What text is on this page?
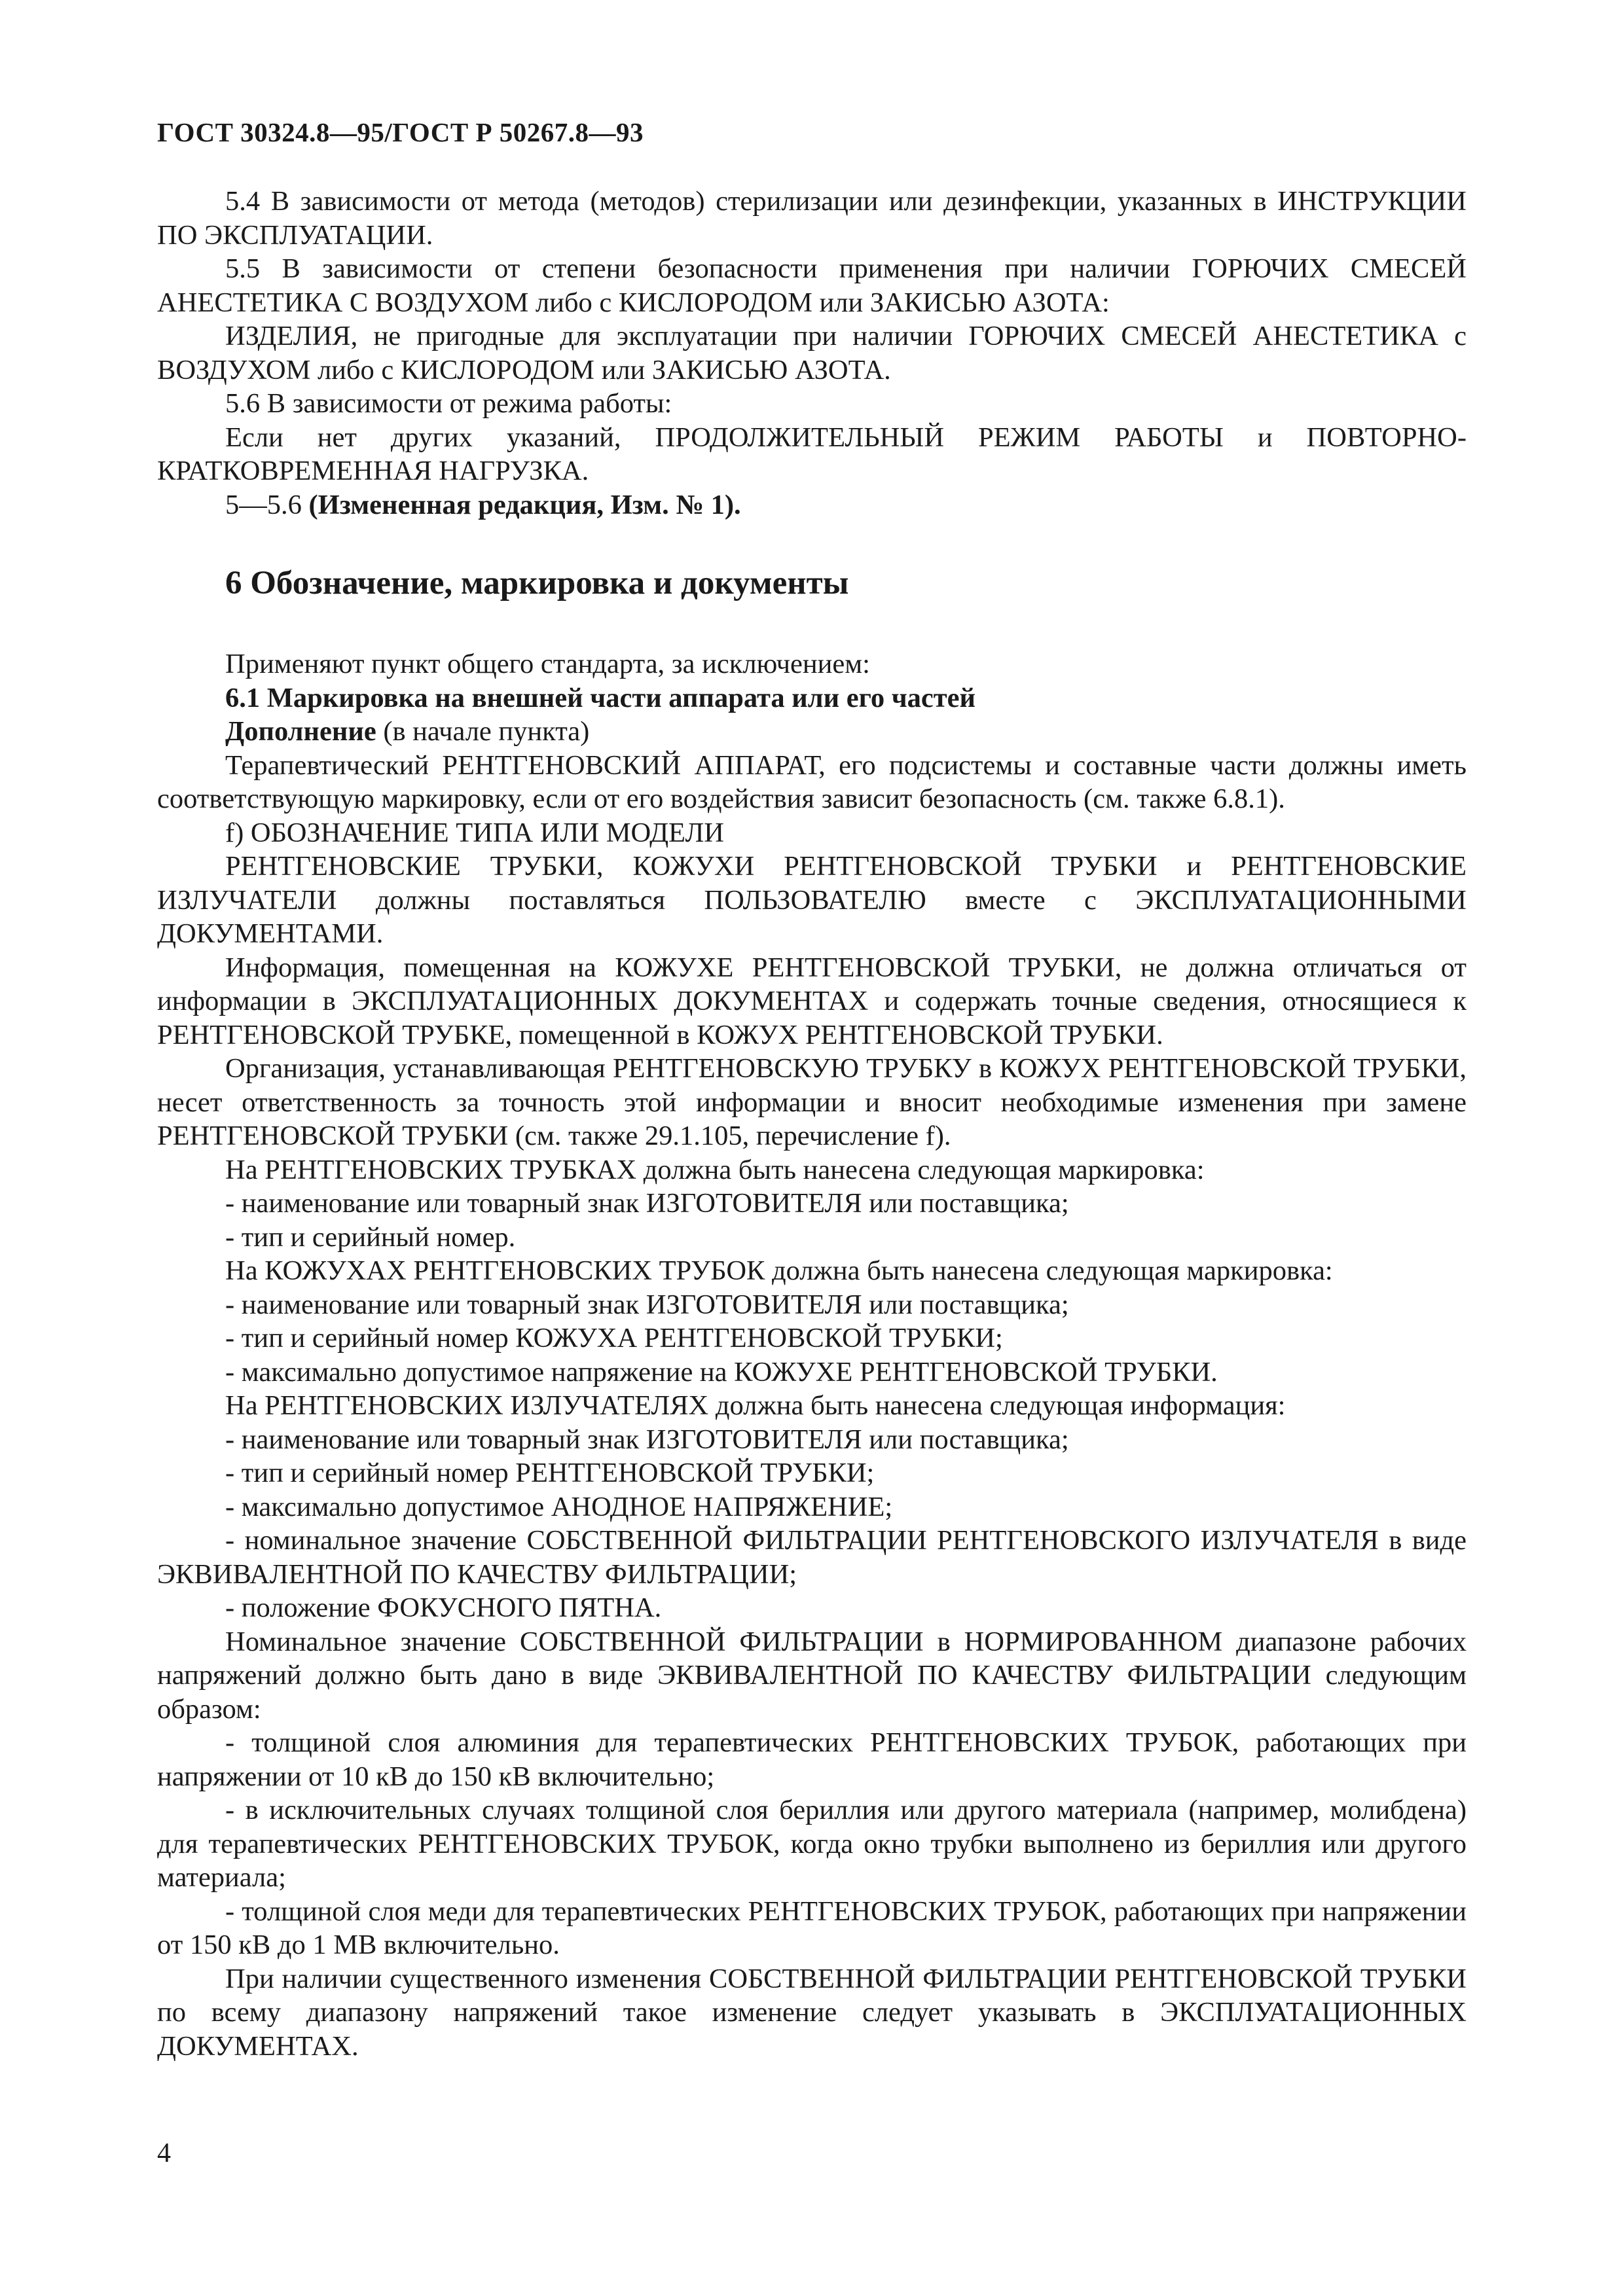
ГОСТ 30324.8—95/ГОСТ Р 50267.8—93

5.4 В зависимости от метода (методов) стерилизации или дезинфекции, указанных в ИНСТРУКЦИИ ПО ЭКСПЛУАТАЦИИ.

5.5 В зависимости от степени безопасности применения при наличии ГОРЮЧИХ СМЕСЕЙ АНЕСТЕТИКА С ВОЗДУХОМ либо с КИСЛОРОДОМ или ЗАКИСЬЮ АЗОТА:

ИЗДЕЛИЯ, не пригодные для эксплуатации при наличии ГОРЮЧИХ СМЕСЕЙ АНЕСТЕТИКА с ВОЗДУХОМ либо с КИСЛОРОДОМ или ЗАКИСЬЮ АЗОТА.

5.6 В зависимости от режима работы:

Если нет других указаний, ПРОДОЛЖИТЕЛЬНЫЙ РЕЖИМ РАБОТЫ и ПОВТОРНО-КРАТКОВРЕМЕННАЯ НАГРУЗКА.

5—5.6 (Измененная редакция, Изм. № 1).

6 Обозначение, маркировка и документы

Применяют пункт общего стандарта, за исключением:

6.1 Маркировка на внешней части аппарата или его частей

Дополнение (в начале пункта)

Терапевтический РЕНТГЕНОВСКИЙ АППАРАТ, его подсистемы и составные части должны иметь соответствующую маркировку, если от его воздействия зависит безопасность (см. также 6.8.1).

f) ОБОЗНАЧЕНИЕ ТИПА ИЛИ МОДЕЛИ

РЕНТГЕНОВСКИЕ ТРУБКИ, КОЖУХИ РЕНТГЕНОВСКОЙ ТРУБКИ и РЕНТГЕНОВСКИЕ ИЗЛУЧАТЕЛИ должны поставляться ПОЛЬЗОВАТЕЛЮ вместе с ЭКСПЛУАТАЦИОННЫМИ ДОКУМЕНТАМИ.

Информация, помещенная на КОЖУХЕ РЕНТГЕНОВСКОЙ ТРУБКИ, не должна отличаться от информации в ЭКСПЛУАТАЦИОННЫХ ДОКУМЕНТАХ и содержать точные сведения, относящиеся к РЕНТГЕНОВСКОЙ ТРУБКЕ, помещенной в КОЖУХ РЕНТГЕНОВСКОЙ ТРУБКИ.

Организация, устанавливающая РЕНТГЕНОВСКУЮ ТРУБКУ в КОЖУХ РЕНТГЕНОВСКОЙ ТРУБКИ, несет ответственность за точность этой информации и вносит необходимые изменения при замене РЕНТГЕНОВСКОЙ ТРУБКИ (см. также 29.1.105, перечисление f).

На РЕНТГЕНОВСКИХ ТРУБКАХ должна быть нанесена следующая маркировка:

- наименование или товарный знак ИЗГОТОВИТЕЛЯ или поставщика;

- тип и серийный номер.

На КОЖУХАХ РЕНТГЕНОВСКИХ ТРУБОК должна быть нанесена следующая маркировка:

- наименование или товарный знак ИЗГОТОВИТЕЛЯ или поставщика;

- тип и серийный номер КОЖУХА РЕНТГЕНОВСКОЙ ТРУБКИ;

- максимально допустимое напряжение на КОЖУХЕ РЕНТГЕНОВСКОЙ ТРУБКИ.

На РЕНТГЕНОВСКИХ ИЗЛУЧАТЕЛЯХ должна быть нанесена следующая информация:

- наименование или товарный знак ИЗГОТОВИТЕЛЯ или поставщика;

- тип и серийный номер РЕНТГЕНОВСКОЙ ТРУБКИ;

- максимально допустимое АНОДНОЕ НАПРЯЖЕНИЕ;

- номинальное значение СОБСТВЕННОЙ ФИЛЬТРАЦИИ РЕНТГЕНОВСКОГО ИЗЛУЧАТЕЛЯ в виде ЭКВИВАЛЕНТНОЙ ПО КАЧЕСТВУ ФИЛЬТРАЦИИ;

- положение ФОКУСНОГО ПЯТНА.

Номинальное значение СОБСТВЕННОЙ ФИЛЬТРАЦИИ в НОРМИРОВАННОМ диапазоне рабочих напряжений должно быть дано в виде ЭКВИВАЛЕНТНОЙ ПО КАЧЕСТВУ ФИЛЬТРАЦИИ следующим образом:

- толщиной слоя алюминия для терапевтических РЕНТГЕНОВСКИХ ТРУБОК, работающих при напряжении от 10 кВ до 150 кВ включительно;

- в исключительных случаях толщиной слоя бериллия или другого материала (например, молибдена) для терапевтических РЕНТГЕНОВСКИХ ТРУБОК, когда окно трубки выполнено из бериллия или другого материала;

- толщиной слоя меди для терапевтических РЕНТГЕНОВСКИХ ТРУБОК, работающих при напряжении от 150 кВ до 1 МВ включительно.

При наличии существенного изменения СОБСТВЕННОЙ ФИЛЬТРАЦИИ РЕНТГЕНОВСКОЙ ТРУБКИ по всему диапазону напряжений такое изменение следует указывать в ЭКСПЛУАТАЦИОННЫХ ДОКУМЕНТАХ.

4
